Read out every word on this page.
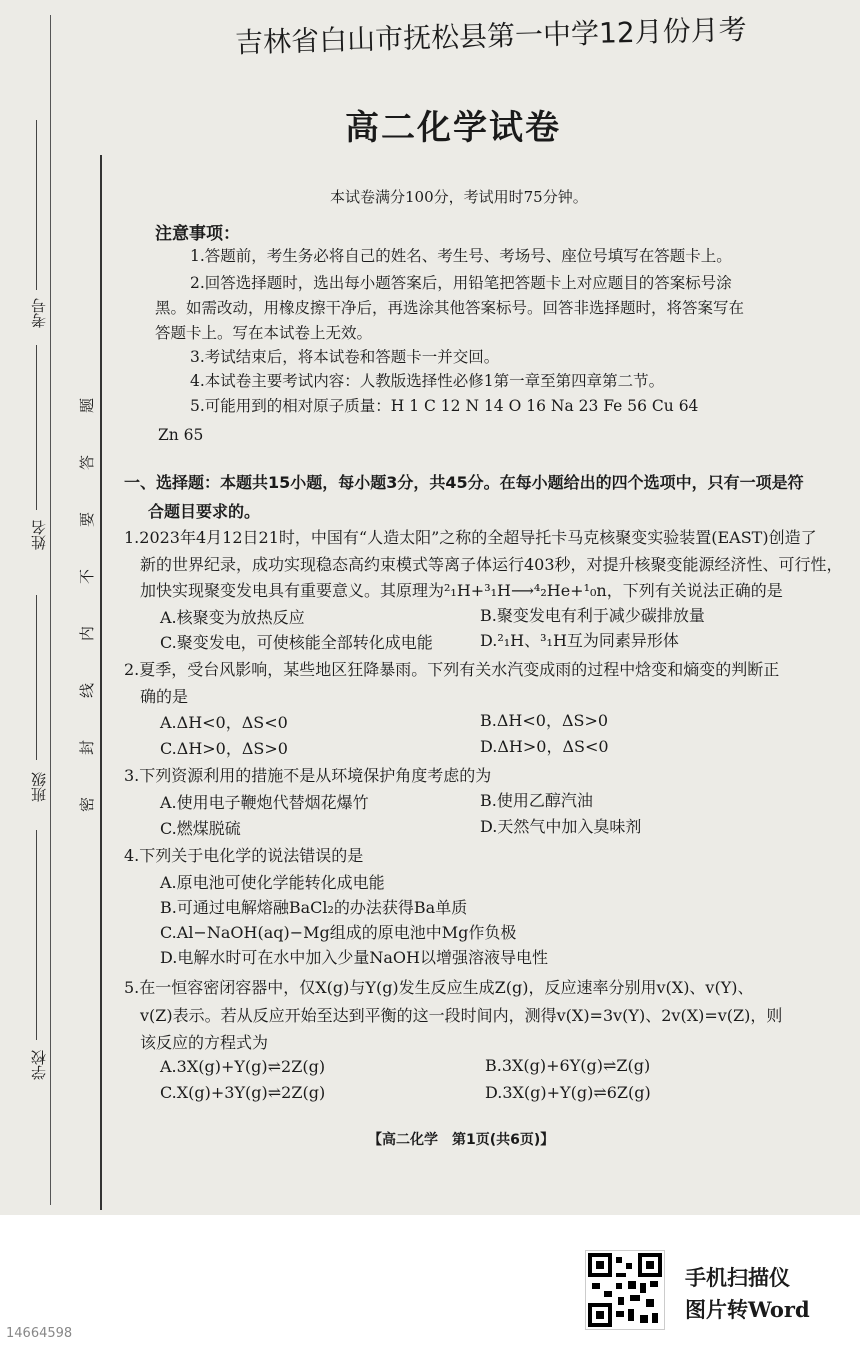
考号
姓名
班级
学校
题
答
要
不
内
线
封
密
吉林省白山市抚松县第一中学12月份月考
高二化学试卷
本试卷满分100分，考试用时75分钟。
注意事项：
1.答题前，考生务必将自己的姓名、考生号、考场号、座位号填写在答题卡上。
2.回答选择题时，选出每小题答案后，用铅笔把答题卡上对应题目的答案标号涂
黑。如需改动，用橡皮擦干净后，再选涂其他答案标号。回答非选择题时，将答案写在
答题卡上。写在本试卷上无效。
3.考试结束后，将本试卷和答题卡一并交回。
4.本试卷主要考试内容：人教版选择性必修1第一章至第四章第二节。
5.可能用到的相对原子质量：H 1 C 12 N 14 O 16 Na 23 Fe 56 Cu 64
Zn 65
一、选择题：本题共15小题，每小题3分，共45分。在每小题给出的四个选项中，只有一项是符
合题目要求的。
1.2023年4月12日21时，中国有“人造太阳”之称的全超导托卡马克核聚变实验装置(EAST)创造了
新的世界纪录，成功实现稳态高约束模式等离子体运行403秒，对提升核聚变能源经济性、可行性，
加快实现聚变发电具有重要意义。其原理为²₁H+³₁H⟶⁴₂He+¹₀n，下列有关说法正确的是
A.核聚变为放热反应	B.聚变发电有利于减少碳排放量
C.聚变发电，可使核能全部转化成电能	D.²₁H、³₁H互为同素异形体
2.夏季，受台风影响，某些地区狂降暴雨。下列有关水汽变成雨的过程中焓变和熵变的判断正
确的是
A.ΔH<0，ΔS<0	B.ΔH<0，ΔS>0
C.ΔH>0，ΔS>0	D.ΔH>0，ΔS<0
3.下列资源利用的措施不是从环境保护角度考虑的为
A.使用电子鞭炮代替烟花爆竹	B.使用乙醇汽油
C.燃煤脱硫	D.天然气中加入臭味剂
4.下列关于电化学的说法错误的是
A.原电池可使化学能转化成电能
B.可通过电解熔融BaCl₂的办法获得Ba单质
C.Al−NaOH(aq)−Mg组成的原电池中Mg作负极
D.电解水时可在水中加入少量NaOH以增强溶液导电性
5.在一恒容密闭容器中，仅X(g)与Y(g)发生反应生成Z(g)，反应速率分别用v(X)、v(Y)、
v(Z)表示。若从反应开始至达到平衡的这一段时间内，测得v(X)=3v(Y)、2v(X)=v(Z)，则
该反应的方程式为
A.3X(g)+Y(g)⇌2Z(g)	B.3X(g)+6Y(g)⇌Z(g)
C.X(g)+3Y(g)⇌2Z(g)	D.3X(g)+Y(g)⇌6Z(g)
【高二化学　第1页(共6页)】
手机扫描仪
图片转Word
14664598
